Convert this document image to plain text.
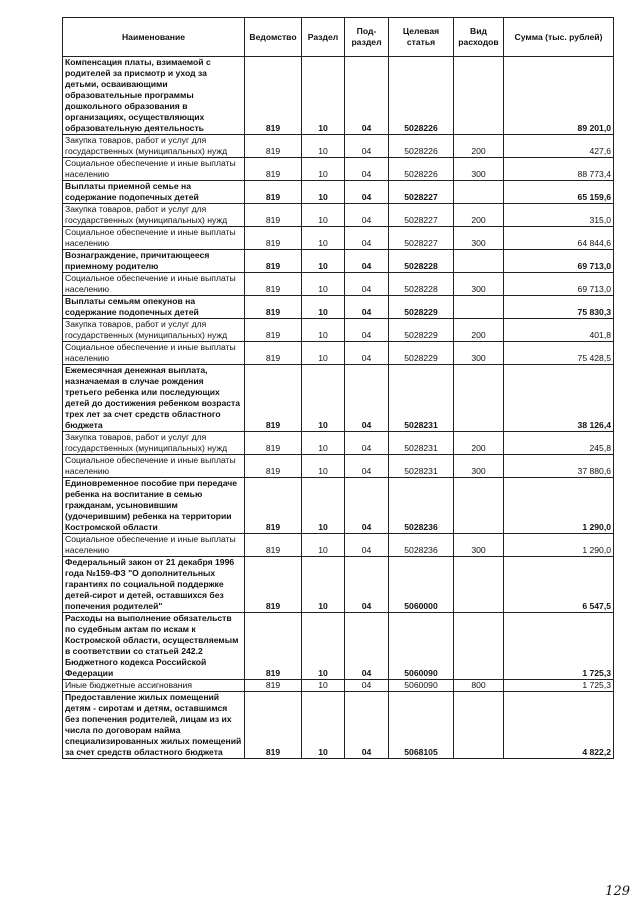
Наименование	Ведомство	Раздел	Под-раздел	Целевая статья	Вид расходов	Сумма (тыс. рублей)
Компенсация платы, взимаемой с родителей за присмотр и уход за детьми, осваивающими образовательные программы дошкольного образования в организациях, осуществляющих образовательную деятельность	819	10	04	5028226		89 201,0
Закупка товаров, работ и услуг для государственных (муниципальных) нужд	819	10	04	5028226	200	427,6
Социальное обеспечение и иные выплаты населению	819	10	04	5028226	300	88 773,4
Выплаты приемной семье на содержание подопечных детей	819	10	04	5028227		65 159,6
Закупка товаров, работ и услуг для государственных (муниципальных) нужд	819	10	04	5028227	200	315,0
Социальное обеспечение и иные выплаты населению	819	10	04	5028227	300	64 844,6
Вознаграждение, причитающееся приемному родителю	819	10	04	5028228		69 713,0
Социальное обеспечение и иные выплаты населению	819	10	04	5028228	300	69 713,0
Выплаты семьям опекунов на содержание подопечных детей	819	10	04	5028229		75 830,3
Закупка товаров, работ и услуг для государственных (муниципальных) нужд	819	10	04	5028229	200	401,8
Социальное обеспечение и иные выплаты населению	819	10	04	5028229	300	75 428,5
Ежемесячная денежная выплата, назначаемая в случае рождения третьего ребенка или последующих детей до достижения ребенком возраста трех лет за счет средств областного бюджета	819	10	04	5028231		38 126,4
Закупка товаров, работ и услуг для государственных (муниципальных) нужд	819	10	04	5028231	200	245,8
Социальное обеспечение и иные выплаты населению	819	10	04	5028231	300	37 880,6
Единовременное пособие при передаче ребенка на воспитание в семью гражданам, усыновившим (удочерившим) ребенка на территории Костромской области	819	10	04	5028236		1 290,0
Социальное обеспечение и иные выплаты населению	819	10	04	5028236	300	1 290,0
Федеральный закон от 21 декабря 1996 года №159-ФЗ "О дополнительных гарантиях по социальной поддержке детей-сирот и детей, оставшихся без попечения родителей"	819	10	04	5060000		6 547,5
Расходы на выполнение обязательств по судебным актам по искам к Костромской области, осуществляемым в соответствии со статьей 242.2 Бюджетного кодекса Российской Федерации	819	10	04	5060090		1 725,3
Иные бюджетные ассигнования	819	10	04	5060090	800	1 725,3
Предоставление жилых помещений детям - сиротам и детям, оставшимся без попечения родителей, лицам из их числа по договорам найма специализированных жилых помещений за счет средств областного бюджета	819	10	04	5068105		4 822,2
129
